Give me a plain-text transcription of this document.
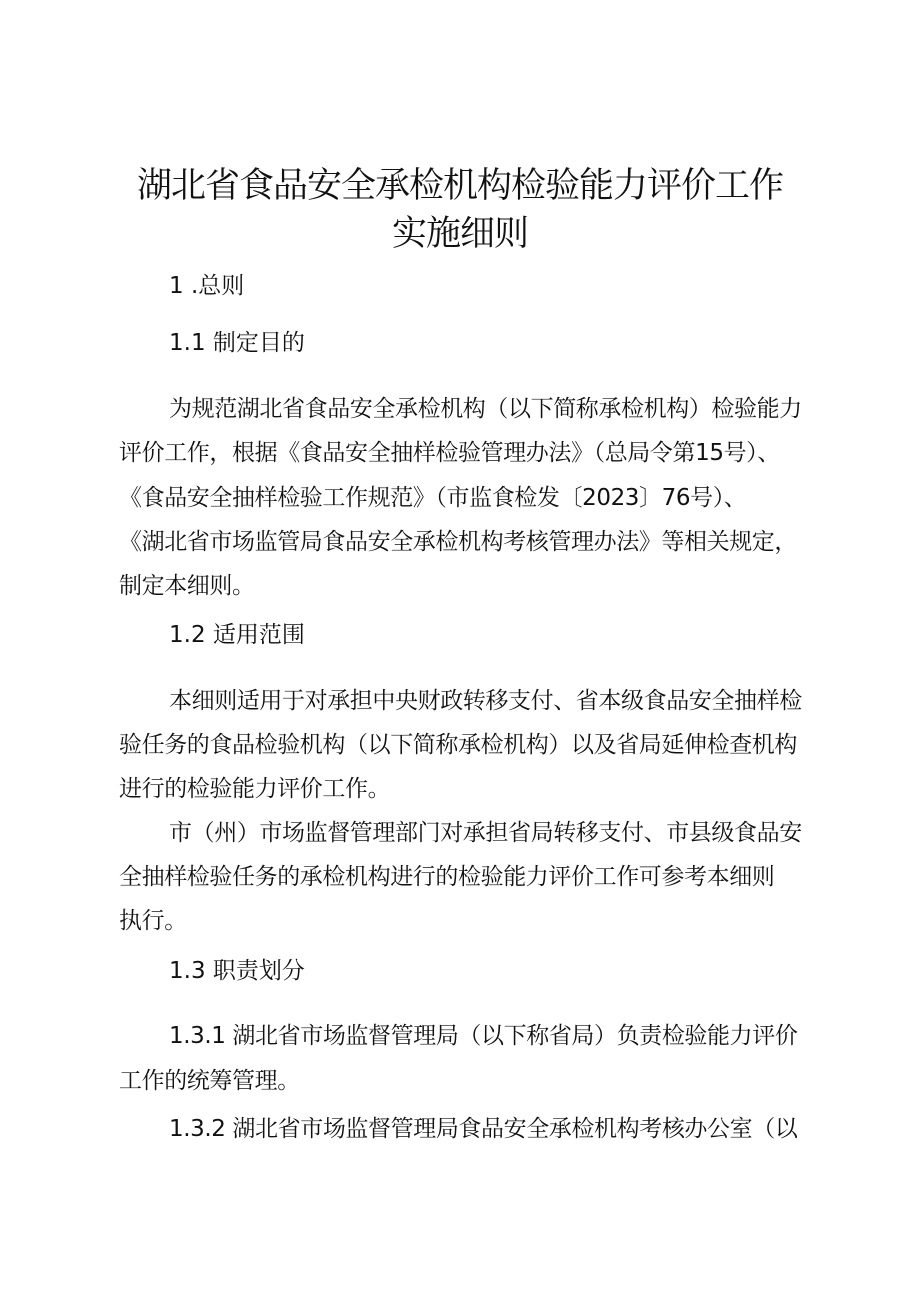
湖北省食品安全承检机构检验能力评价工作
实施细则
1 .总则
1.1 制定目的
为规范湖北省食品安全承检机构（以下简称承检机构）检验能力
评价工作，根据《食品安全抽样检验管理办法》（总局令第15号）、
《食品安全抽样检验工作规范》（市监食检发〔2023〕76号）、
《湖北省市场监管局食品安全承检机构考核管理办法》等相关规定，
制定本细则。
1.2 适用范围
本细则适用于对承担中央财政转移支付、省本级食品安全抽样检
验任务的食品检验机构（以下简称承检机构）以及省局延伸检查机构
进行的检验能力评价工作。
市（州）市场监督管理部门对承担省局转移支付、市县级食品安
全抽样检验任务的承检机构进行的检验能力评价工作可参考本细则
执行。
1.3 职责划分
1.3.1 湖北省市场监督管理局（以下称省局）负责检验能力评价
工作的统筹管理。
1.3.2 湖北省市场监督管理局食品安全承检机构考核办公室（以
